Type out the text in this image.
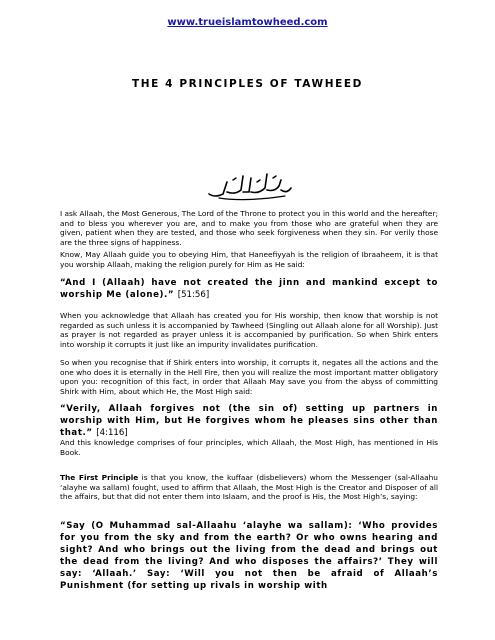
www.trueislamtowheed.com
THE 4 PRINCIPLES OF TAWHEED

I ask Allaah, the Most Generous, The Lord of the Throne to protect you in this world and the hereafter; and to bless you wherever you are, and to make you from those who are grateful when they are given, patient when they are tested, and those who seek forgiveness when they sin. For verily those are the three signs of happiness.

Know, May Allaah guide you to obeying Him, that Haneefiyyah is the religion of Ibraaheem, it is that you worship Allaah, making the religion purely for Him as He said:

“And I (Allaah) have not created the jinn and mankind except to worship Me (alone).” [51:56]

When you acknowledge that Allaah has created you for His worship, then know that worship is not regarded as such unless it is accompanied by Tawheed (Singling out Allaah alone for all Worship). Just as prayer is not regarded as prayer unless it is accompanied by purification. So when Shirk enters into worship it corrupts it just like an impurity invalidates purification.

So when you recognise that if Shirk enters into worship, it corrupts it, negates all the actions and the one who does it is eternally in the Hell Fire, then you will realize the most important matter obligatory upon you: recognition of this fact, in order that Allaah May save you from the abyss of committing Shirk with Him, about which He, the Most High said:

“Verily, Allaah forgives not (the sin of) setting up partners in worship with Him, but He forgives whom he pleases sins other than that.” [4:116]

And this knowledge comprises of four principles, which Allaah, the Most High, has mentioned in His Book.

The First Principle is that you know, the kuffaar (disbelievers) whom the Messenger (sal-Allaahu ‘alayhe wa sallam) fought, used to affirm that Allaah, the Most High is the Creator and Disposer of all the affairs, but that did not enter them into Islaam, and the proof is His, the Most High’s, saying:

“Say (O Muhammad sal-Allaahu ‘alayhe wa sallam): ‘Who provides for you from the sky and from the earth? Or who owns hearing and sight? And who brings out the living from the dead and brings out the dead from the living? And who disposes the affairs?’ They will say: ‘Allaah.’ Say: ‘Will you not then be afraid of Allaah’s Punishment (for setting up rivals in worship with
